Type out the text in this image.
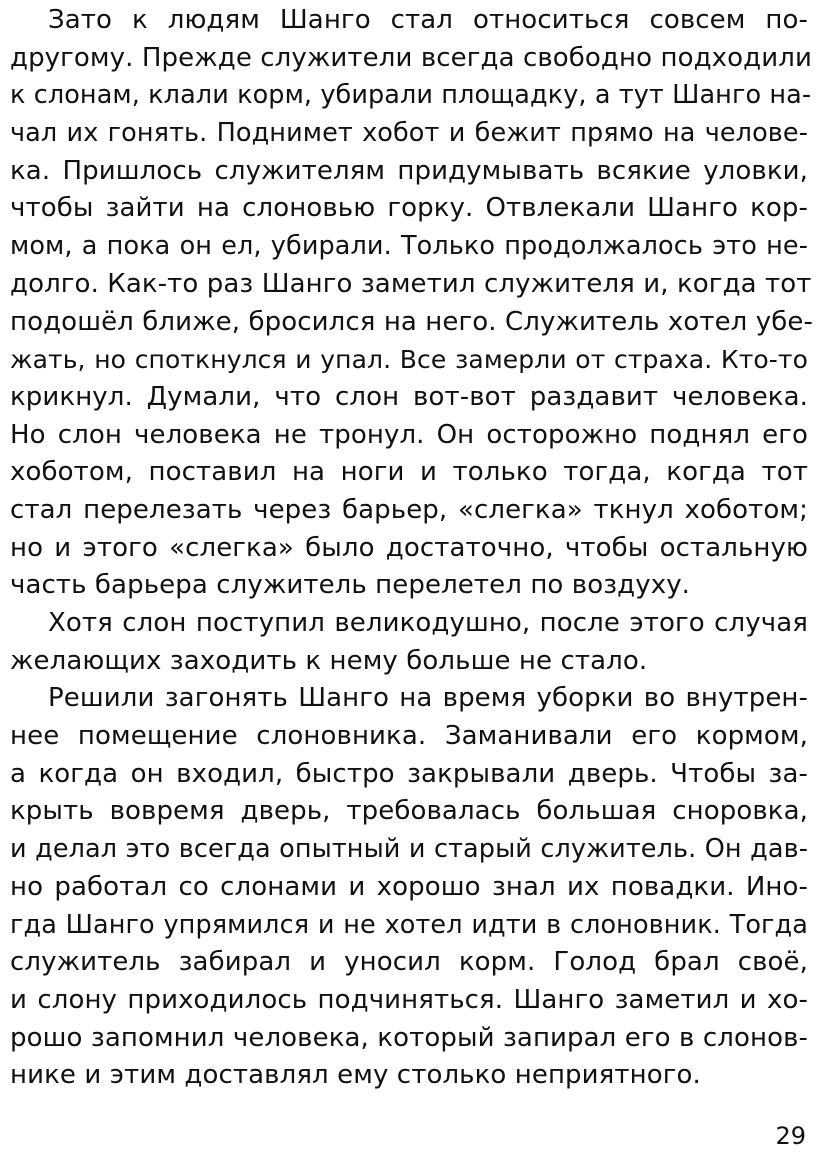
Зато к людям Шанго стал относиться совсем по-
другому. Прежде служители всегда свободно подходили
к слонам, клали корм, убирали площадку, а тут Шанго на-
чал их гонять. Поднимет хобот и бежит прямо на челове-
ка. Пришлось служителям придумывать всякие уловки,
чтобы зайти на слоновью горку. Отвлекали Шанго кор-
мом, а пока он ел, убирали. Только продолжалось это не-
долго. Как-то раз Шанго заметил служителя и, когда тот
подошёл ближе, бросился на него. Служитель хотел убе-
жать, но споткнулся и упал. Все замерли от страха. Кто-то
крикнул. Думали, что слон вот-вот раздавит человека.
Но слон человека не тронул. Он осторожно поднял его
хоботом, поставил на ноги и только тогда, когда тот
стал перелезать через барьер, «слегка» ткнул хоботом;
но и этого «слегка» было достаточно, чтобы остальную
часть барьера служитель перелетел по воздуху.
Хотя слон поступил великодушно, после этого случая
желающих заходить к нему больше не стало.
Решили загонять Шанго на время уборки во внутрен-
нее помещение слоновника. Заманивали его кормом,
а когда он входил, быстро закрывали дверь. Чтобы за-
крыть вовремя дверь, требовалась большая сноровка,
и делал это всегда опытный и старый служитель. Он дав-
но работал со слонами и хорошо знал их повадки. Ино-
гда Шанго упрямился и не хотел идти в слоновник. Тогда
служитель забирал и уносил корм. Голод брал своё,
и слону приходилось подчиняться. Шанго заметил и хо-
рошо запомнил человека, который запирал его в слонов-
нике и этим доставлял ему столько неприятного.
29
